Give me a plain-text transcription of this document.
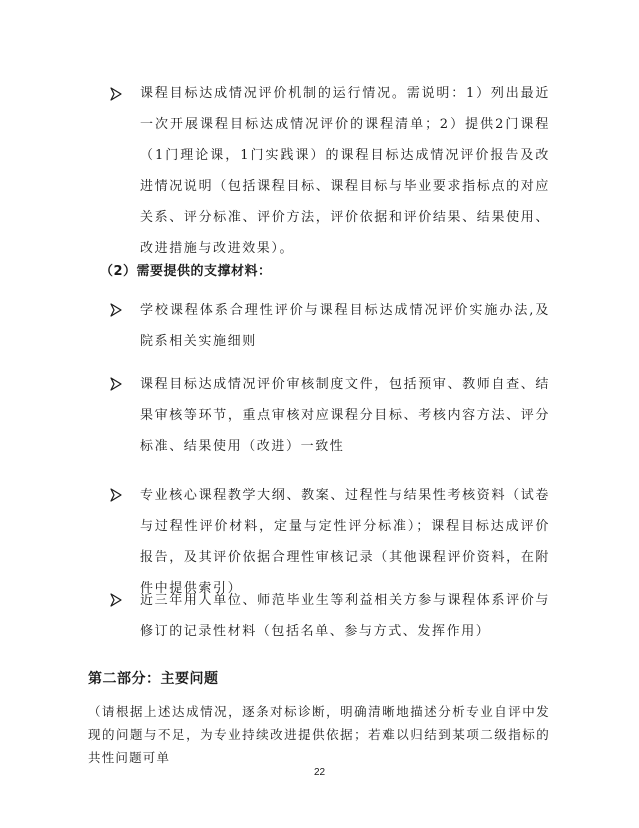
课程目标达成情况评价机制的运行情况。需说明：1）列出最近一次开展课程目标达成情况评价的课程清单；2）提供2门课程（1门理论课，1门实践课）的课程目标达成情况评价报告及改进情况说明（包括课程目标、课程目标与毕业要求指标点的对应关系、评分标准、评价方法，评价依据和评价结果、结果使用、改进措施与改进效果）。
（2）需要提供的支撑材料：
学校课程体系合理性评价与课程目标达成情况评价实施办法,及院系相关实施细则
课程目标达成情况评价审核制度文件，包括预审、教师自查、结果审核等环节，重点审核对应课程分目标、考核内容方法、评分标准、结果使用（改进）一致性
专业核心课程教学大纲、教案、过程性与结果性考核资料（试卷与过程性评价材料，定量与定性评分标准）；课程目标达成评价报告，及其评价依据合理性审核记录（其他课程评价资料，在附件中提供索引）
近三年用人单位、师范毕业生等利益相关方参与课程体系评价与修订的记录性材料（包括名单、参与方式、发挥作用）
第二部分：主要问题
（请根据上述达成情况，逐条对标诊断，明确清晰地描述分析专业自评中发现的问题与不足，为专业持续改进提供依据；若难以归结到某项二级指标的共性问题可单
22
